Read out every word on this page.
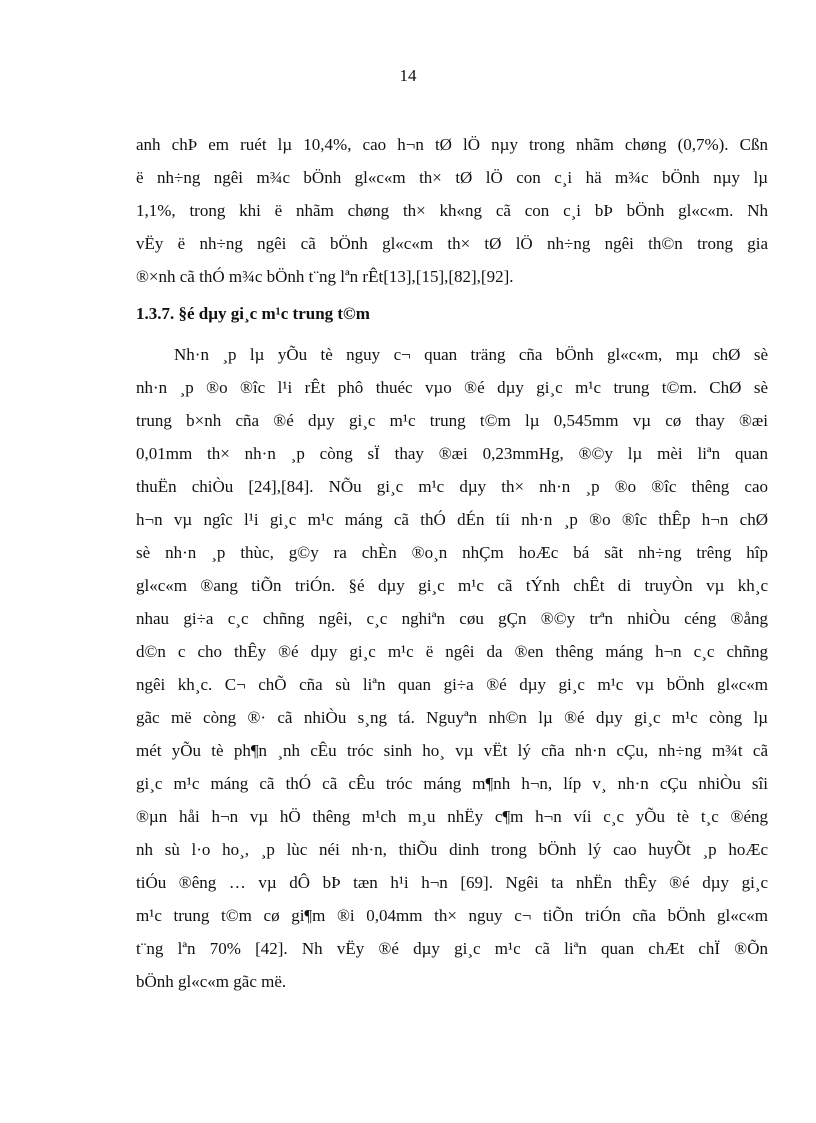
14
anh chÞ em ruét lµ 10,4%, cao h¬n tØ lÖ nµy trong nhãm chøng (0,7%). Cßn
ë nh÷ng ngêi m¾c bÖnh gl«c«m th× tØ lÖ con c¸i hä m¾c bÖnh nµy lµ
1,1%, trong khi ë nhãm chøng th× kh«ng cã con c¸i bÞ bÖnh gl«c«m. Nh
vËy ë nh÷ng ngêi cã bÖnh gl«c«m th× tØ lÖ nh÷ng ngêi th©n trong gia
®×nh cã thÓ m¾c bÖnh t¨ng lªn rÊt[13],[15],[82],[92].
1.3.7. §é dµy gi¸c m¹c trung t©m
Nh·n ¸p lµ yÕu tè nguy c¬ quan träng cña bÖnh gl«c«m, mµ chØ sè
nh·n ¸p ®o ®îc l¹i rÊt phô thuéc vµo ®é dµy gi¸c m¹c trung t©m. ChØ sè
trung b×nh cña ®é dµy gi¸c m¹c trung t©m lµ 0,545mm vµ cø thay ®æi
0,01mm th× nh·n ¸p còng sÏ thay ®æi 0,23mmHg, ®©y lµ mèi liªn quan
thuËn chiÒu [24],[84]. NÕu gi¸c m¹c dµy th× nh·n ¸p ®o ®îc thêng cao
h¬n vµ ngîc l¹i gi¸c m¹c máng cã thÓ dÉn tíi nh·n ¸p ®o ®îc thÊp h¬n chØ
sè nh·n ¸p thùc, g©y ra chÈn ®o¸n nhÇm hoÆc bá sãt nh÷ng trêng hîp
gl«c«m ®ang tiÕn triÓn. §é dµy gi¸c m¹c cã tÝnh chÊt di truyÒn vµ kh¸c
nhau gi÷a c¸c chñng ngêi, c¸c nghiªn cøu gÇn ®©y trªn nhiÒu céng ®ång
d©n c cho thÊy ®é dµy gi¸c m¹c ë ngêi da ®en thêng máng h¬n c¸c chñng
ngêi kh¸c. C¬ chÕ cña sù liªn quan gi÷a ®é dµy gi¸c m¹c vµ bÖnh gl«c«m
gãc më còng ®· cã nhiÒu s¸ng tá. Nguyªn nh©n lµ ®é dµy gi¸c m¹c còng lµ
mét yÕu tè ph¶n ¸nh cÊu tróc sinh ho¸ vµ vËt lý cña nh·n cÇu, nh÷ng m¾t cã
gi¸c m¹c máng cã thÓ cã cÊu tróc máng m¶nh h¬n, líp v¸ nh·n cÇu nhiÒu sîi
®µn håi h¬n vµ hÖ thêng m¹ch m¸u nhËy c¶m h¬n víi c¸c yÕu tè t¸c ®éng
nh sù l·o ho¸, ¸p lùc néi nh·n, thiÕu dinh trong bÖnh lý cao huyÕt ¸p hoÆc
tiÓu ®êng … vµ dÔ bÞ tæn h¹i h¬n [69]. Ngêi ta nhËn thÊy ®é dµy gi¸c
m¹c trung t©m cø gi¶m ®i 0,04mm th× nguy c¬ tiÕn triÓn cña bÖnh gl«c«m
t¨ng lªn 70% [42]. Nh vËy ®é dµy gi¸c m¹c cã liªn quan chÆt chÏ ®Õn
bÖnh gl«c«m gãc më.
